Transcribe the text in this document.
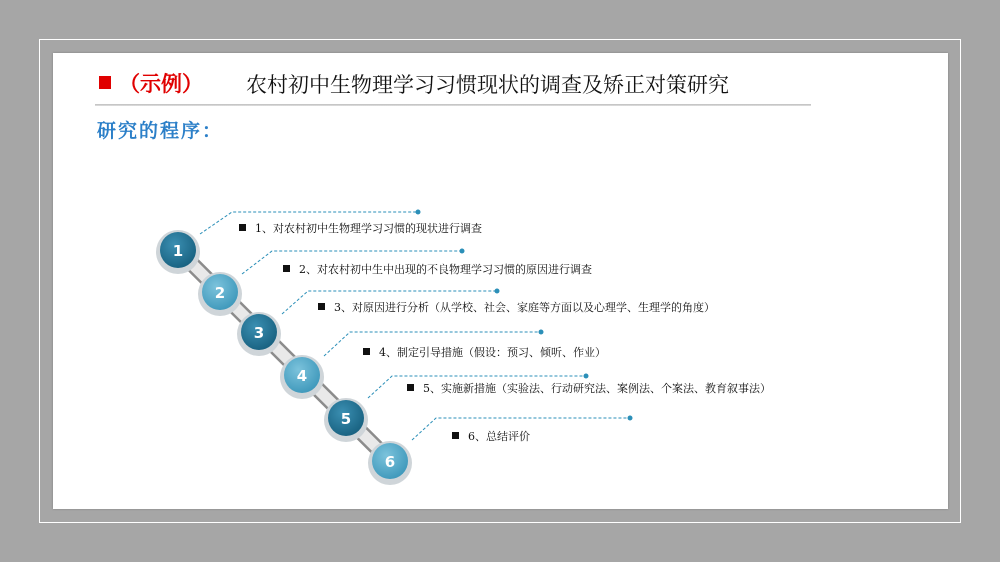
（示例） 农村初中生物理学习习惯现状的调查及矫正对策研究
研究的程序：
1
1、对农村初中生物理学习习惯的现状进行调查
2
2、对农村初中生中出现的不良物理学习习惯的原因进行调查
3
3、对原因进行分析（从学校、社会、家庭等方面以及心理学、生理学的角度）
4
4、制定引导措施（假设：预习、倾听、作业）
5
5、实施新措施（实验法、行动研究法、案例法、个案法、教育叙事法）
6
6、总结评价
